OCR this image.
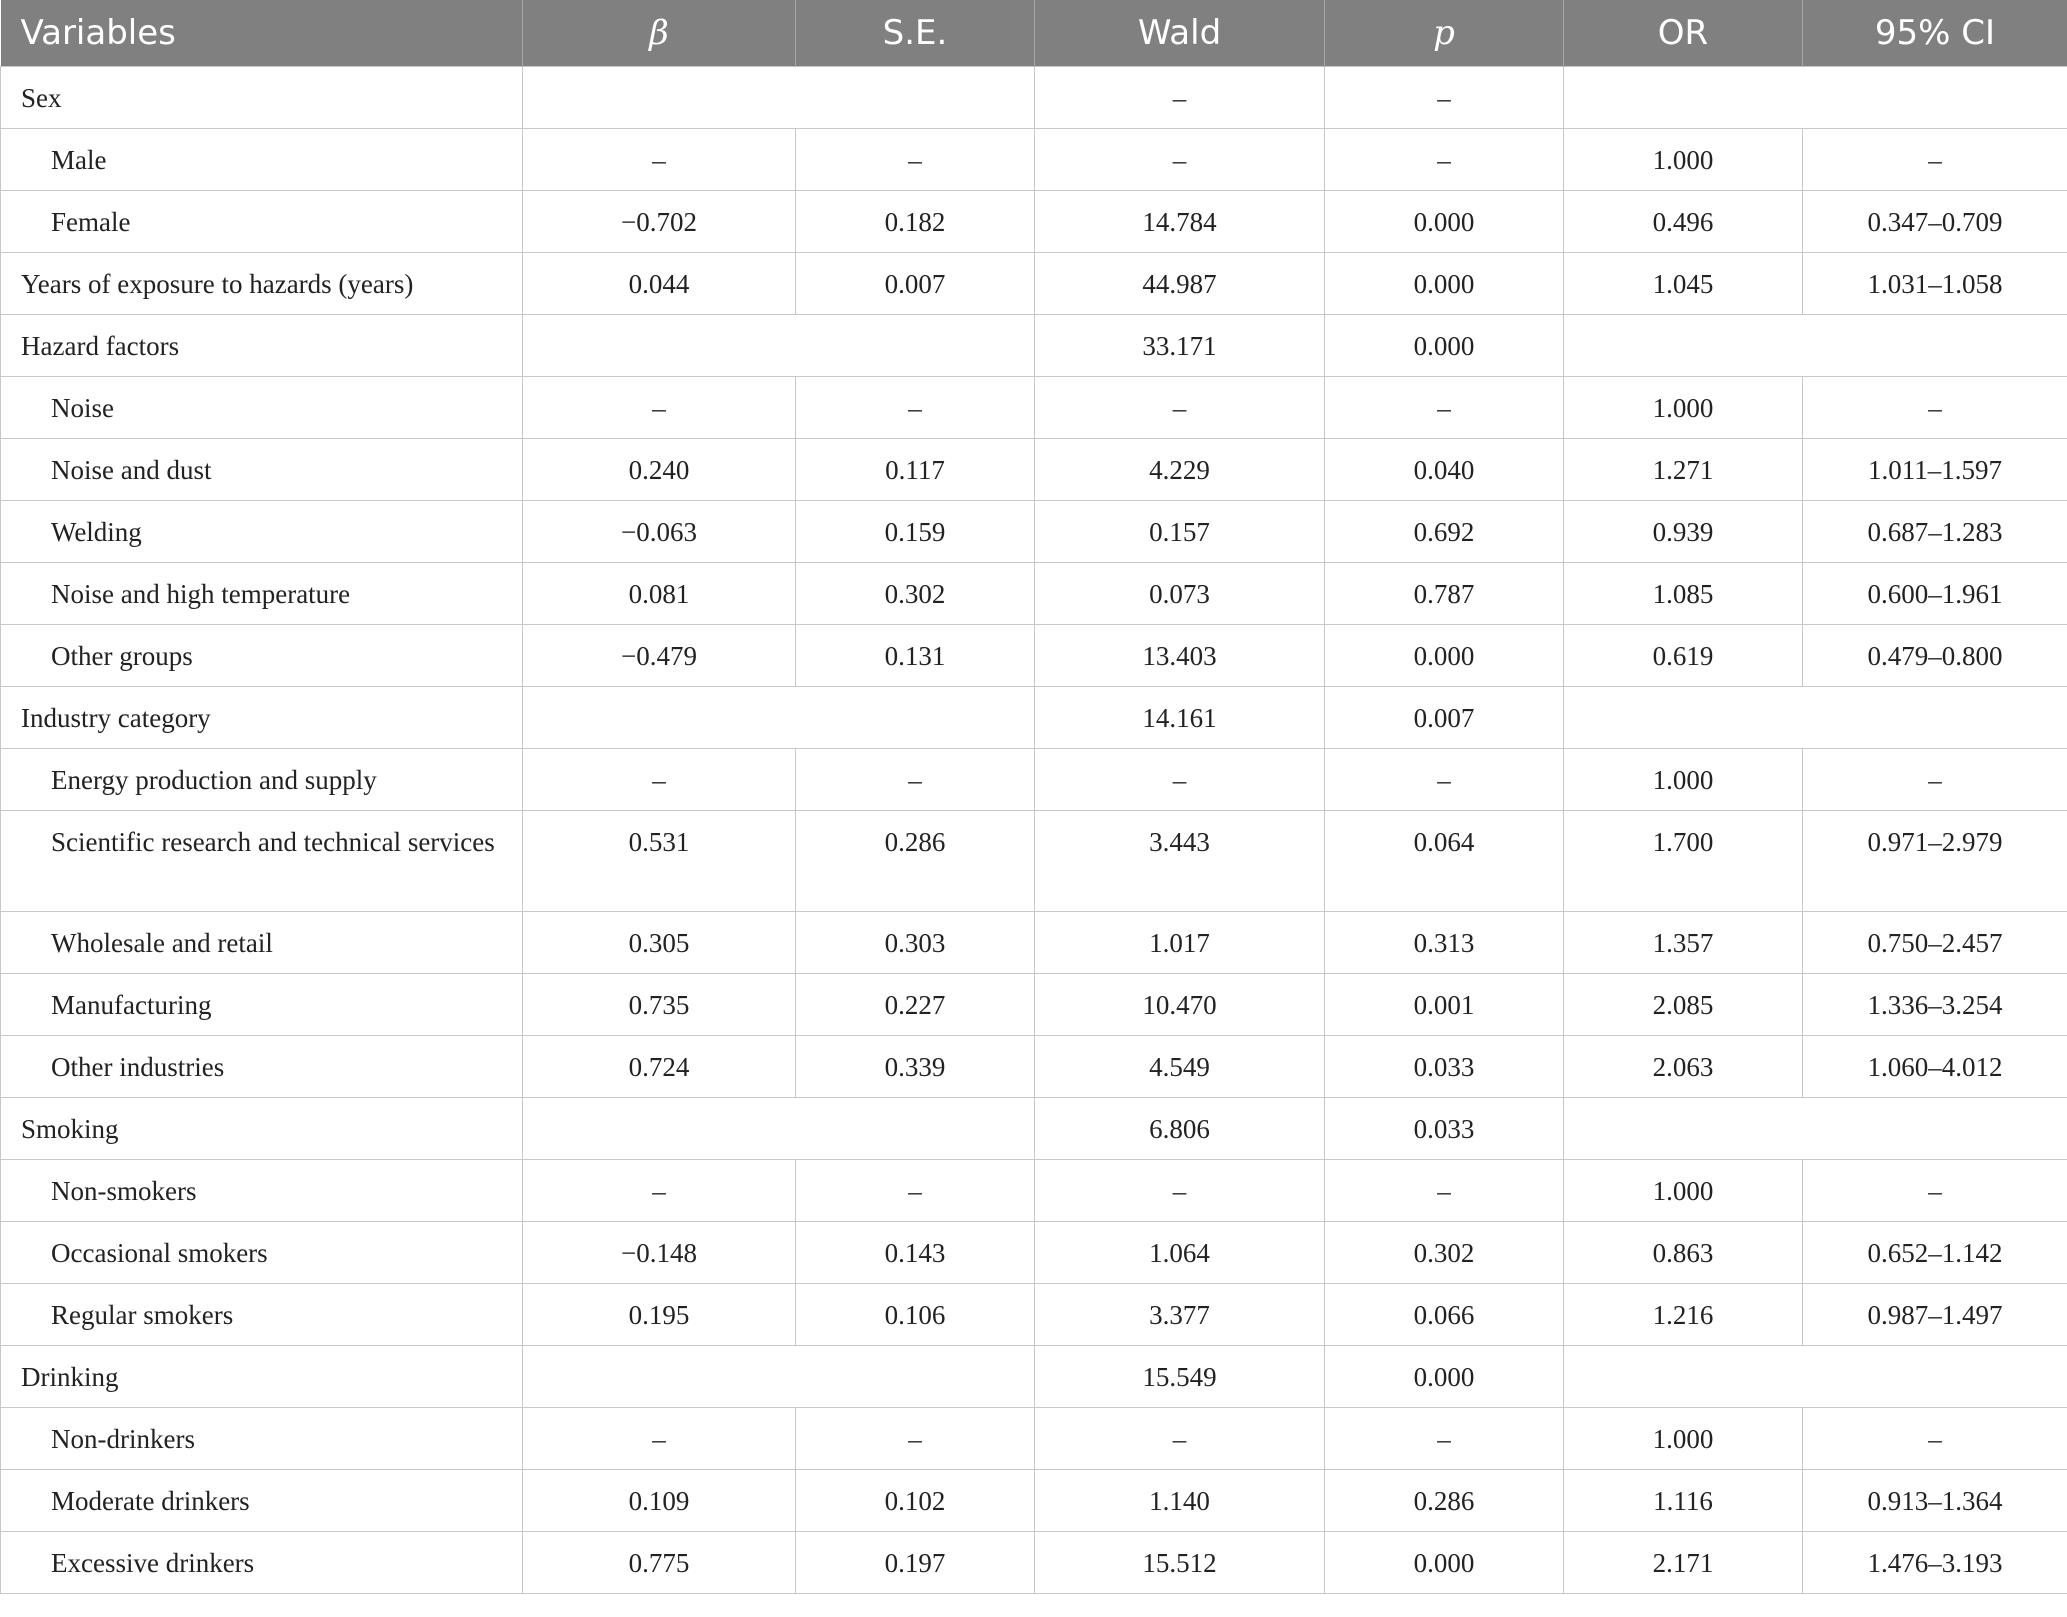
Variables	β	S.E.	Wald	p	OR	95% CI
Sex			–	–		
Male	–	–	–	–	1.000	–
Female	−0.702	0.182	14.784	0.000	0.496	0.347–0.709
Years of exposure to hazards (years)	0.044	0.007	44.987	0.000	1.045	1.031–1.058
Hazard factors			33.171	0.000		
Noise	–	–	–	–	1.000	–
Noise and dust	0.240	0.117	4.229	0.040	1.271	1.011–1.597
Welding	−0.063	0.159	0.157	0.692	0.939	0.687–1.283
Noise and high temperature	0.081	0.302	0.073	0.787	1.085	0.600–1.961
Other groups	−0.479	0.131	13.403	0.000	0.619	0.479–0.800
Industry category			14.161	0.007		
Energy production and supply	–	–	–	–	1.000	–
Scientific research and technical services	0.531	0.286	3.443	0.064	1.700	0.971–2.979
Wholesale and retail	0.305	0.303	1.017	0.313	1.357	0.750–2.457
Manufacturing	0.735	0.227	10.470	0.001	2.085	1.336–3.254
Other industries	0.724	0.339	4.549	0.033	2.063	1.060–4.012
Smoking			6.806	0.033		
Non-smokers	–	–	–	–	1.000	–
Occasional smokers	−0.148	0.143	1.064	0.302	0.863	0.652–1.142
Regular smokers	0.195	0.106	3.377	0.066	1.216	0.987–1.497
Drinking			15.549	0.000		
Non-drinkers	–	–	–	–	1.000	–
Moderate drinkers	0.109	0.102	1.140	0.286	1.116	0.913–1.364
Excessive drinkers	0.775	0.197	15.512	0.000	2.171	1.476–3.193
